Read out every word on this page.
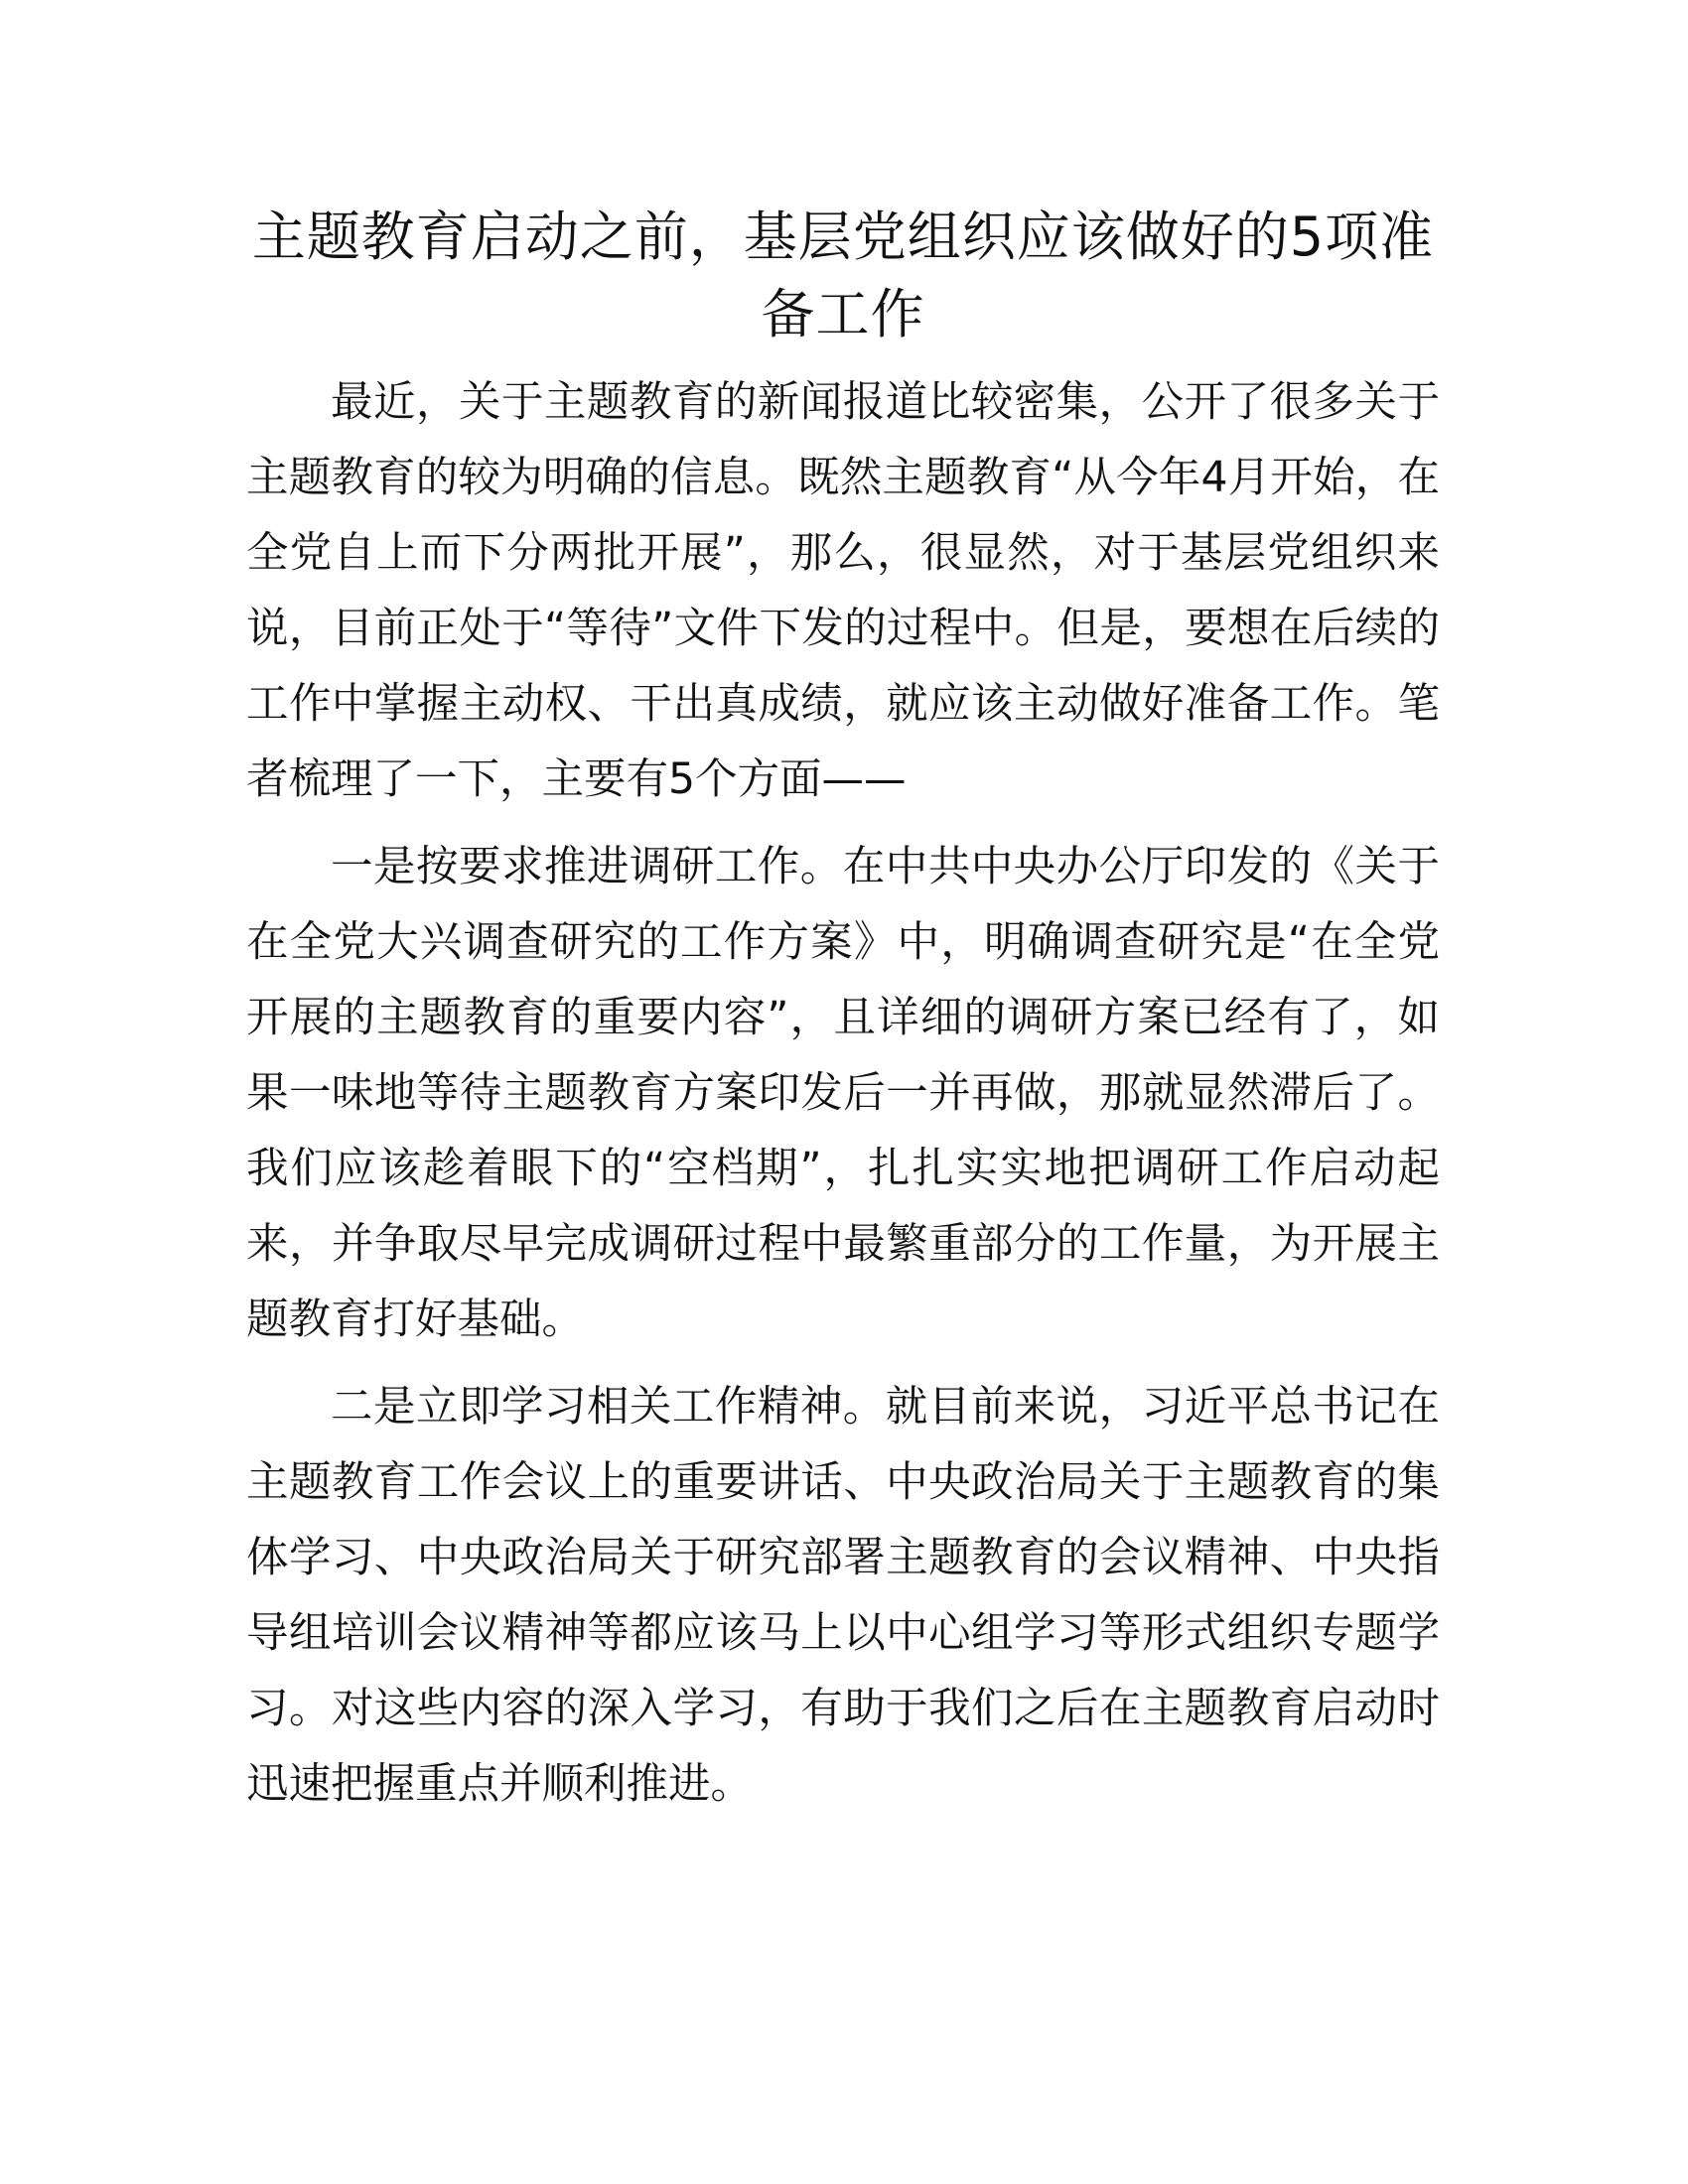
主题教育启动之前，基层党组织应该做好的5项准备工作

最近，关于主题教育的新闻报道比较密集，公开了很多关于主题教育的较为明确的信息。既然主题教育“从今年4月开始，在全党自上而下分两批开展”，那么，很显然，对于基层党组织来说，目前正处于“等待”文件下发的过程中。但是，要想在后续的工作中掌握主动权、干出真成绩，就应该主动做好准备工作。笔者梳理了一下，主要有5个方面——

一是按要求推进调研工作。在中共中央办公厅印发的《关于在全党大兴调查研究的工作方案》中，明确调查研究是“在全党开展的主题教育的重要内容”，且详细的调研方案已经有了，如果一味地等待主题教育方案印发后一并再做，那就显然滞后了。我们应该趁着眼下的“空档期”，扎扎实实地把调研工作启动起来，并争取尽早完成调研过程中最繁重部分的工作量，为开展主题教育打好基础。

二是立即学习相关工作精神。就目前来说，习近平总书记在主题教育工作会议上的重要讲话、中央政治局关于主题教育的集体学习、中央政治局关于研究部署主题教育的会议精神、中央指导组培训会议精神等都应该马上以中心组学习等形式组织专题学习。对这些内容的深入学习，有助于我们之后在主题教育启动时迅速把握重点并顺利推进。
